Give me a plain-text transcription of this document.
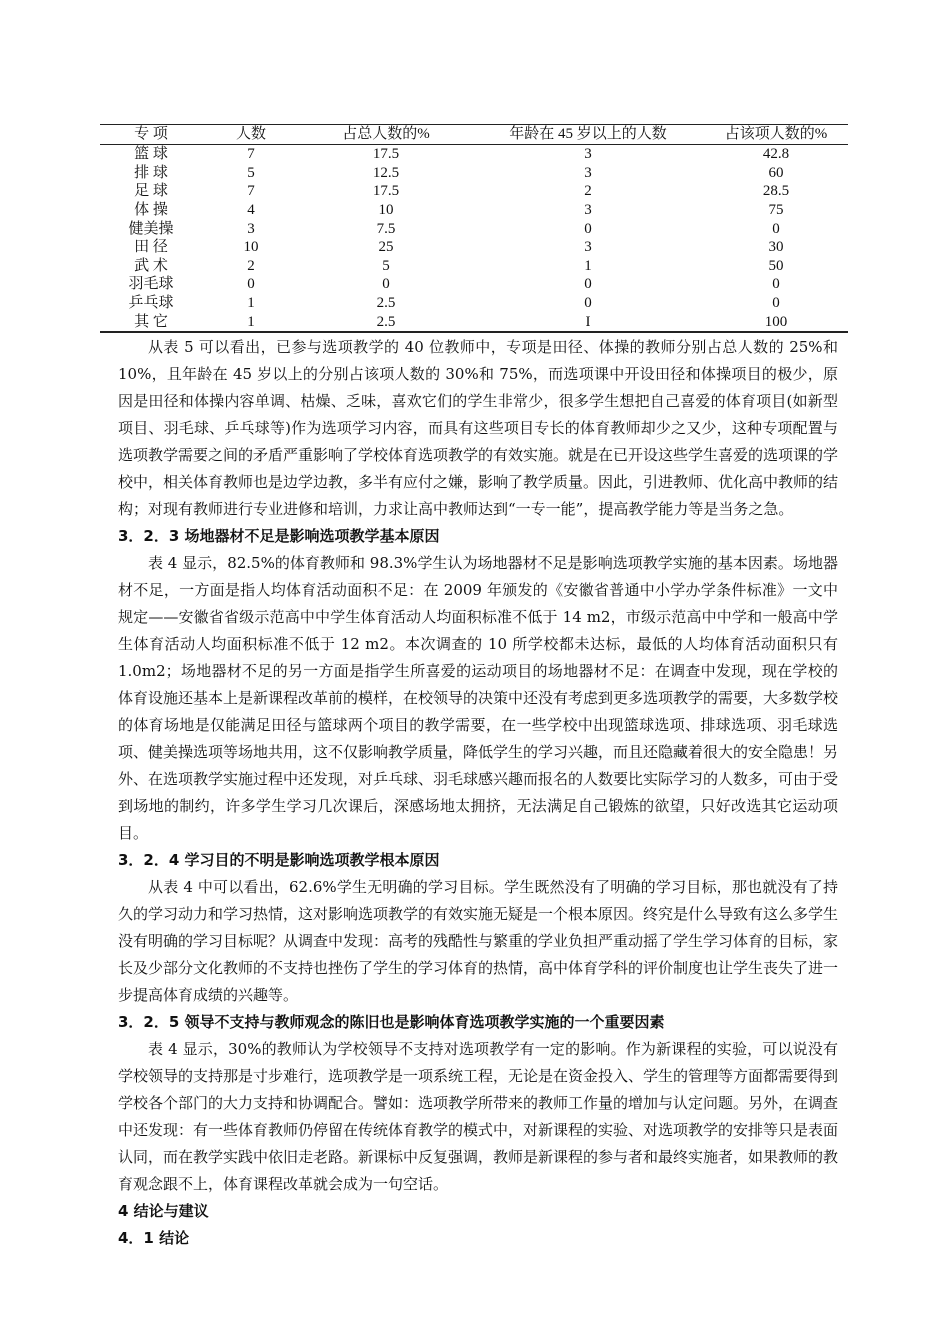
专 项	人数	占总人数的%	年龄在 45 岁以上的人数	占该项人数的%
篮 球	7	17.5	3	42.8
排 球	5	12.5	3	60
足 球	7	17.5	2	28.5
体 操	4	10	3	75
健美操	3	7.5	0	0
田 径	10	25	3	30
武 术	2	5	1	50
羽毛球	0	0	0	0
乒乓球	1	2.5	0	0
其 它	1	2.5	I	100

从表 5 可以看出，已参与选项教学的 40 位教师中，专项是田径、体操的教师分别占总人数的 25%和 10%，且年龄在 45 岁以上的分别占该项人数的 30%和 75%，而选项课中开设田径和体操项目的极少，原因是田径和体操内容单调、枯燥、乏味，喜欢它们的学生非常少，很多学生想把自己喜爱的体育项目(如新型项目、羽毛球、乒乓球等)作为选项学习内容，而具有这些项目专长的体育教师却少之又少，这种专项配置与选项教学需要之间的矛盾严重影响了学校体育选项教学的有效实施。就是在已开设这些学生喜爱的选项课的学校中，相关体育教师也是边学边教，多半有应付之嫌，影响了教学质量。因此，引进教师、优化高中教师的结构；对现有教师进行专业进修和培训，力求让高中教师达到“一专一能”，提高教学能力等是当务之急。

3．2．3 场地器材不足是影响选项教学基本原因

表 4 显示，82.5%的体育教师和 98.3%学生认为场地器材不足是影响选项教学实施的基本因素。场地器材不足，一方面是指人均体育活动面积不足：在 2009 年颁发的《安徽省普通中小学办学条件标准》一文中规定——安徽省省级示范高中中学生体育活动人均面积标准不低于 14 m2，市级示范高中中学和一般高中学生体育活动人均面积标准不低于 12 m2。本次调查的 10 所学校都未达标，最低的人均体育活动面积只有 1.0m2；场地器材不足的另一方面是指学生所喜爱的运动项目的场地器材不足：在调查中发现，现在学校的体育设施还基本上是新课程改革前的模样，在校领导的决策中还没有考虑到更多选项教学的需要，大多数学校的体育场地是仅能满足田径与篮球两个项目的教学需要，在一些学校中出现篮球选项、排球选项、羽毛球选项、健美操选项等场地共用，这不仅影响教学质量，降低学生的学习兴趣，而且还隐藏着很大的安全隐患！另外、在选项教学实施过程中还发现，对乒乓球、羽毛球感兴趣而报名的人数要比实际学习的人数多，可由于受到场地的制约，许多学生学习几次课后，深感场地太拥挤，无法满足自己锻炼的欲望，只好改选其它运动项目。

3．2．4 学习目的不明是影响选项教学根本原因

从表 4 中可以看出，62.6%学生无明确的学习目标。学生既然没有了明确的学习目标，那也就没有了持久的学习动力和学习热情，这对影响选项教学的有效实施无疑是一个根本原因。终究是什么导致有这么多学生没有明确的学习目标呢？从调查中发现：高考的残酷性与繁重的学业负担严重动摇了学生学习体育的目标，家长及少部分文化教师的不支持也挫伤了学生的学习体育的热情，高中体育学科的评价制度也让学生丧失了进一步提高体育成绩的兴趣等。

3．2．5 领导不支持与教师观念的陈旧也是影响体育选项教学实施的一个重要因素

表 4 显示，30%的教师认为学校领导不支持对选项教学有一定的影响。作为新课程的实验，可以说没有学校领导的支持那是寸步难行，选项教学是一项系统工程，无论是在资金投入、学生的管理等方面都需要得到学校各个部门的大力支持和协调配合。譬如：选项教学所带来的教师工作量的增加与认定问题。另外，在调查中还发现：有一些体育教师仍停留在传统体育教学的模式中，对新课程的实验、对选项教学的安排等只是表面认同，而在教学实践中依旧走老路。新课标中反复强调，教师是新课程的参与者和最终实施者，如果教师的教育观念跟不上，体育课程改革就会成为一句空话。

4 结论与建议

4．1 结论
